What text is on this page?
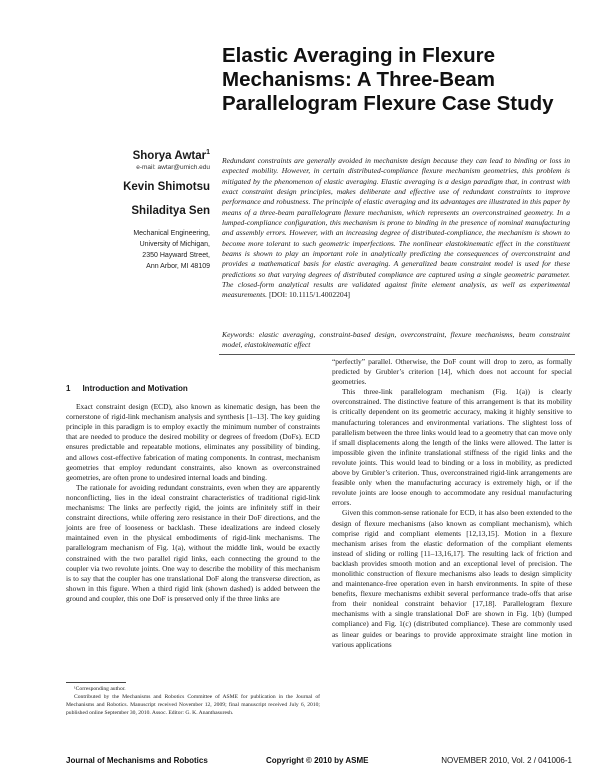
Elastic Averaging in Flexure Mechanisms: A Three-Beam Parallelogram Flexure Case Study
Shorya Awtar$^1$
e-mail: awtar@umich.edu
Kevin Shimotsu
Shiladitya Sen
Mechanical Engineering,
University of Michigan,
2350 Hayward Street,
Ann Arbor, MI 48109

Redundant constraints are generally avoided in mechanism design because they can lead to binding or loss in expected mobility. However, in certain distributed-compliance flexure mechanism geometries, this problem is mitigated by the phenomenon of elastic averaging. Elastic averaging is a design paradigm that, in contrast with exact constraint design principles, makes deliberate and effective use of redundant constraints to improve performance and robustness. The principle of elastic averaging and its advantages are illustrated in this paper by means of a three-beam parallelogram flexure mechanism, which represents an overconstrained geometry. In a lumped-compliance configuration, this mechanism is prone to binding in the presence of nominal manufacturing and assembly errors. However, with an increasing degree of distributed-compliance, the mechanism is shown to become more tolerant to such geometric imperfections. The nonlinear elastokinematic effect in the constituent beams is shown to play an important role in analytically predicting the consequences of overconstraint and provides a mathematical basis for elastic averaging. A generalized beam constraint model is used for these predictions so that varying degrees of distributed compliance are captured using a single geometric parameter. The closed-form analytical results are validated against finite element analysis, as well as experimental measurements. [DOI: 10.1115/1.4002204]

Keywords: elastic averaging, constraint-based design, overconstraint, flexure mechanisms, beam constraint model, elastokinematic effect

1 Introduction and Motivation

Exact constraint design (ECD), also known as kinematic design, has been the cornerstone of rigid-link mechanism analysis and synthesis [1–13]. The key guiding principle in this paradigm is to employ exactly the minimum number of constraints that are needed to produce the desired mobility or degrees of freedom (DoFs). ECD ensures predictable and repeatable motions, eliminates any possibility of binding, and allows cost-effective fabrication of mating components. In contrast, mechanism geometries that employ redundant constraints, also known as overconstrained geometries, are often prone to undesired internal loads and binding.

The rationale for avoiding redundant constraints, even when they are apparently nonconflicting, lies in the ideal constraint characteristics of traditional rigid-link mechanisms: The links are perfectly rigid, the joints are infinitely stiff in their constraint directions, while offering zero resistance in their DoF directions, and the joints are free of looseness or backlash. These idealizations are indeed closely maintained even in the physical embodiments of rigid-link mechanisms. The parallelogram mechanism of Fig. 1(a), without the middle link, would be exactly constrained with the two parallel rigid links, each connecting the ground to the coupler via two revolute joints. One way to describe the mobility of this mechanism is to say that the coupler has one translational DoF along the transverse direction, as shown in this figure. When a third rigid link (shown dashed) is added between the ground and coupler, this one DoF is preserved only if the three links are

“perfectly” parallel. Otherwise, the DoF count will drop to zero, as formally predicted by Grubler’s criterion [14], which does not account for special geometries.

This three-link parallelogram mechanism (Fig. 1(a)) is clearly overconstrained. The distinctive feature of this arrangement is that its mobility is critically dependent on its geometric accuracy, making it highly sensitive to manufacturing tolerances and environmental variations. The slightest loss of parallelism between the three links would lead to a geometry that can move only if small displacements along the length of the links were allowed. The latter is impossible given the infinite translational stiffness of the rigid links and the revolute joints. This would lead to binding or a loss in mobility, as predicted above by Grubler’s criterion. Thus, overconstrained rigid-link arrangements are feasible only when the manufacturing accuracy is extremely high, or if the revolute joints are loose enough to accommodate any residual manufacturing errors.

Given this common-sense rationale for ECD, it has also been extended to the design of flexure mechanisms (also known as compliant mechanism), which comprise rigid and compliant elements [12,13,15]. Motion in a flexure mechanism arises from the elastic deformation of the compliant elements instead of sliding or rolling [11–13,16,17]. The resulting lack of friction and backlash provides smooth motion and an exceptional level of precision. The monolithic construction of flexure mechanisms also leads to design simplicity and maintenance-free operation even in harsh environments. In spite of these benefits, flexure mechanisms exhibit several performance trade-offs that arise from their nonideal constraint behavior [17,18]. Parallelogram flexure mechanisms with a single translational DoF are shown in Fig. 1(b) (lumped compliance) and Fig. 1(c) (distributed compliance). These are commonly used as linear guides or bearings to provide approximate straight line motion in various applications

¹Corresponding author.

Contributed by the Mechanisms and Robotics Committee of ASME for publication in the Journal of Mechanisms and Robotics. Manuscript received November 12, 2009; final manuscript received July 6, 2010; published online September 30, 2010. Assoc. Editor: G. K. Ananthasuresh.

Journal of Mechanisms and Robotics	Copyright © 2010 by ASME	NOVEMBER 2010, Vol. 2 / 041006-1
